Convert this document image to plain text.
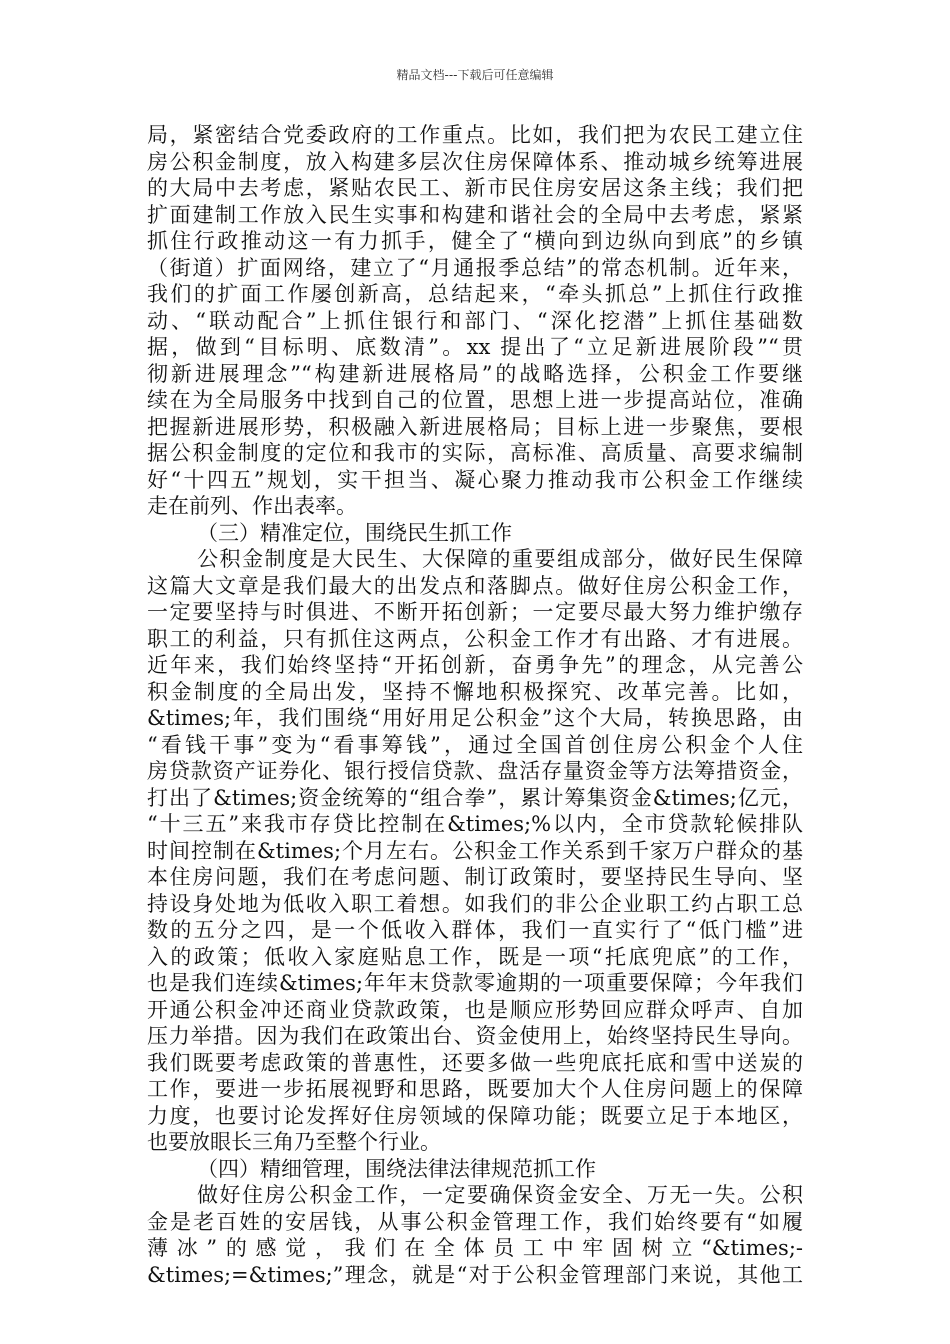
精品文档---下载后可任意编辑
局，紧密结合党委政府的工作重点。比如，我们把为农民工建立住
房公积金制度，放入构建多层次住房保障体系、推动城乡统筹进展
的大局中去考虑，紧贴农民工、新市民住房安居这条主线；我们把
扩面建制工作放入民生实事和构建和谐社会的全局中去考虑，紧紧
抓住行政推动这一有力抓手，健全了“横向到边纵向到底”的乡镇
（街道）扩面网络，建立了“月通报季总结”的常态机制。近年来，
我们的扩面工作屡创新高，总结起来，“牵头抓总”上抓住行政推
动、“联动配合”上抓住银行和部门、“深化挖潜”上抓住基础数
据，做到“目标明、底数清”。xx 提出了“立足新进展阶段”“贯
彻新进展理念”“构建新进展格局”的战略选择，公积金工作要继
续在为全局服务中找到自己的位置，思想上进一步提高站位，准确
把握新进展形势，积极融入新进展格局；目标上进一步聚焦，要根
据公积金制度的定位和我市的实际，高标准、高质量、高要求编制
好“十四五”规划，实干担当、凝心聚力推动我市公积金工作继续
走在前列、作出表率。
（三）精准定位，围绕民生抓工作
公积金制度是大民生、大保障的重要组成部分，做好民生保障
这篇大文章是我们最大的出发点和落脚点。做好住房公积金工作，
一定要坚持与时俱进、不断开拓创新；一定要尽最大努力维护缴存
职工的利益，只有抓住这两点，公积金工作才有出路、才有进展。
近年来，我们始终坚持“开拓创新，奋勇争先”的理念，从完善公
积金制度的全局出发，坚持不懈地积极探究、改革完善。比如，
&times;年，我们围绕“用好用足公积金”这个大局，转换思路，由
“看钱干事”变为“看事筹钱”，通过全国首创住房公积金个人住
房贷款资产证券化、银行授信贷款、盘活存量资金等方法筹措资金，
打出了&times;资金统筹的“组合拳”，累计筹集资金&times;亿元，
“十三五”来我市存贷比控制在&times;%以内，全市贷款轮候排队
时间控制在&times;个月左右。公积金工作关系到千家万户群众的基
本住房问题，我们在考虑问题、制订政策时，要坚持民生导向、坚
持设身处地为低收入职工着想。如我们的非公企业职工约占职工总
数的五分之四，是一个低收入群体，我们一直实行了“低门槛”进
入的政策；低收入家庭贴息工作，既是一项“托底兜底”的工作，
也是我们连续&times;年年末贷款零逾期的一项重要保障；今年我们
开通公积金冲还商业贷款政策，也是顺应形势回应群众呼声、自加
压力举措。因为我们在政策出台、资金使用上，始终坚持民生导向。
我们既要考虑政策的普惠性，还要多做一些兜底托底和雪中送炭的
工作，要进一步拓展视野和思路，既要加大个人住房问题上的保障
力度，也要讨论发挥好住房领域的保障功能；既要立足于本地区，
也要放眼长三角乃至整个行业。
（四）精细管理，围绕法律法律规范抓工作
做好住房公积金工作，一定要确保资金安全、万无一失。公积
金是老百姓的安居钱，从事公积金管理工作，我们始终要有“如履
薄冰”的感觉，我们在全体员工中牢固树立“&times;-
&times;=&times;”理念，就是“对于公积金管理部门来说，其他工
